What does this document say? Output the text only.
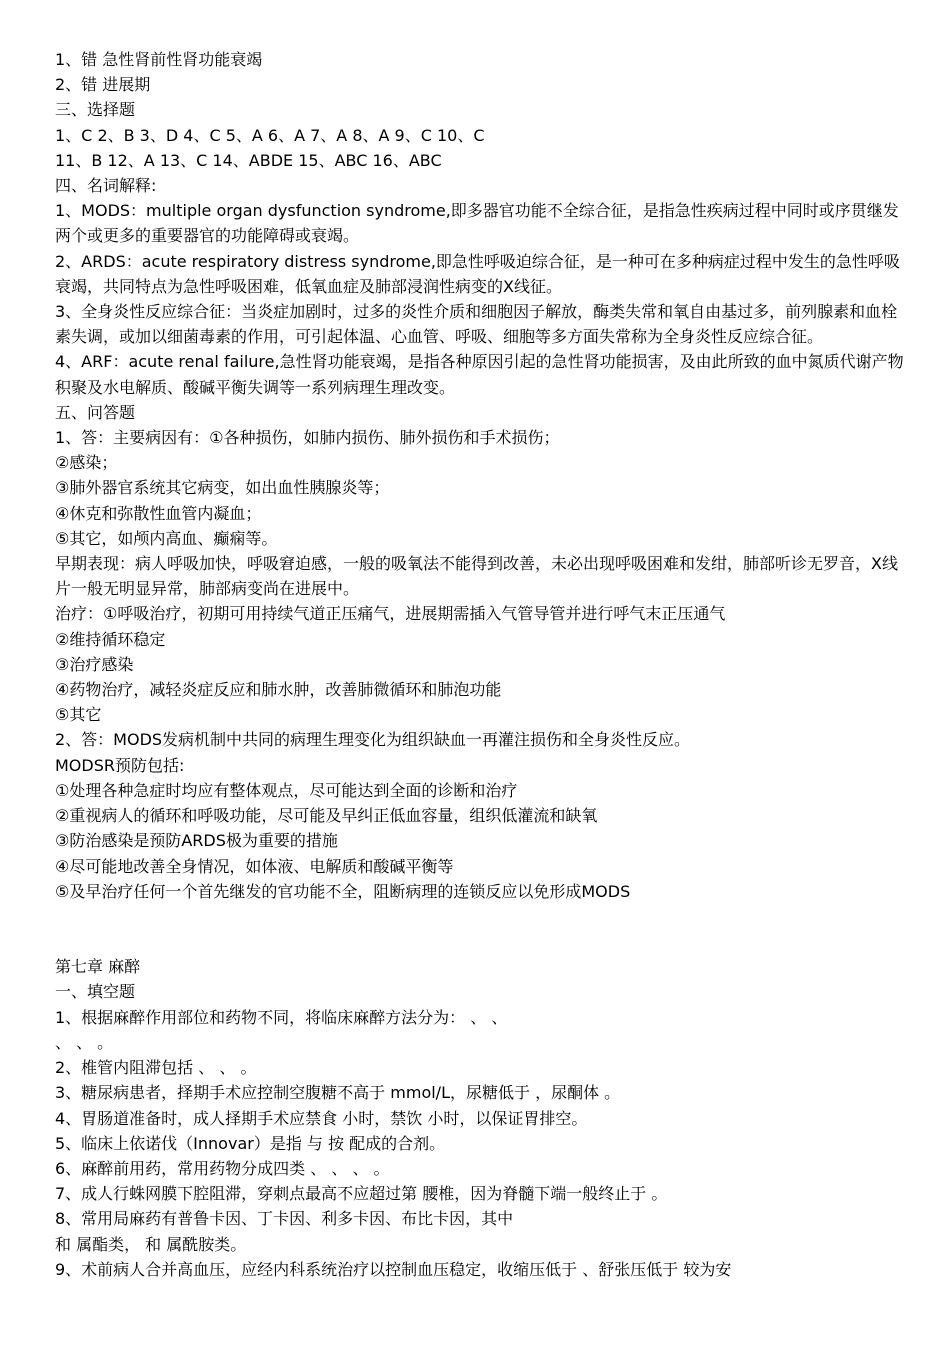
1、错 急性肾前性肾功能衰竭

2、错 进展期

三、选择题

1、C 2、B 3、D 4、C 5、A 6、A 7、A 8、A 9、C 10、C

11、B 12、A 13、C 14、ABDE 15、ABC 16、ABC

四、名词解释:

1、MODS：multiple organ dysfunction syndrome,即多器官功能不全综合征，是指急性疾病过程中同时或序贯继发两个或更多的重要器官的功能障碍或衰竭。

2、ARDS：acute respiratory distress syndrome,即急性呼吸迫综合征，是一种可在多种病症过程中发生的急性呼吸衰竭，共同特点为急性呼吸困难，低氧血症及肺部浸润性病变的X线征。

3、全身炎性反应综合征：当炎症加剧时，过多的炎性介质和细胞因子解放，酶类失常和氧自由基过多，前列腺素和血栓素失调，或加以细菌毒素的作用，可引起体温、心血管、呼吸、细胞等多方面失常称为全身炎性反应综合征。

4、ARF：acute renal failure,急性肾功能衰竭，是指各种原因引起的急性肾功能损害，及由此所致的血中氮质代谢产物积聚及水电解质、酸碱平衡失调等一系列病理生理改变。

五、问答题

1、答：主要病因有：①各种损伤，如肺内损伤、肺外损伤和手术损伤；

②感染；

③肺外器官系统其它病变，如出血性胰腺炎等；

④休克和弥散性血管内凝血；

⑤其它，如颅内高血、癫痫等。

早期表现：病人呼吸加快，呼吸窘迫感，一般的吸氧法不能得到改善，未必出现呼吸困难和发绀，肺部听诊无罗音，X线片一般无明显异常，肺部病变尚在进展中。

治疗：①呼吸治疗，初期可用持续气道正压痛气，进展期需插入气管导管并进行呼气末正压通气

②维持循环稳定

③治疗感染

④药物治疗，减轻炎症反应和肺水肿，改善肺微循环和肺泡功能

⑤其它

2、答：MODS发病机制中共同的病理生理变化为组织缺血一再灌注损伤和全身炎性反应。

MODSR预防包括:

①处理各种急症时均应有整体观点，尽可能达到全面的诊断和治疗

②重视病人的循环和呼吸功能，尽可能及早纠正低血容量，组织低灌流和缺氧

③防治感染是预防ARDS极为重要的措施

④尽可能地改善全身情况，如体液、电解质和酸碱平衡等

⑤及早治疗任何一个首先继发的官功能不全，阻断病理的连锁反应以免形成MODS

第七章 麻醉

一、填空题

1、根据麻醉作用部位和药物不同，将临床麻醉方法分为： 、 、

、 、 。

2、椎管内阻滞包括 、 、 。

3、糖尿病患者，择期手术应控制空腹糖不高于 mmol/L，尿糖低于 ，尿酮体 。

4、胃肠道准备时，成人择期手术应禁食 小时，禁饮 小时，以保证胃排空。

5、临床上依诺伐（Innovar）是指 与 按 配成的合剂。

6、麻醉前用药，常用药物分成四类 、 、 、 。

7、成人行蛛网膜下腔阻滞，穿刺点最高不应超过第 腰椎，因为脊髓下端一般终止于 。

8、常用局麻药有普鲁卡因、丁卡因、利多卡因、布比卡因，其中

和 属酯类， 和 属酰胺类。

9、术前病人合并高血压，应经内科系统治疗以控制血压稳定，收缩压低于 、舒张压低于 较为安
